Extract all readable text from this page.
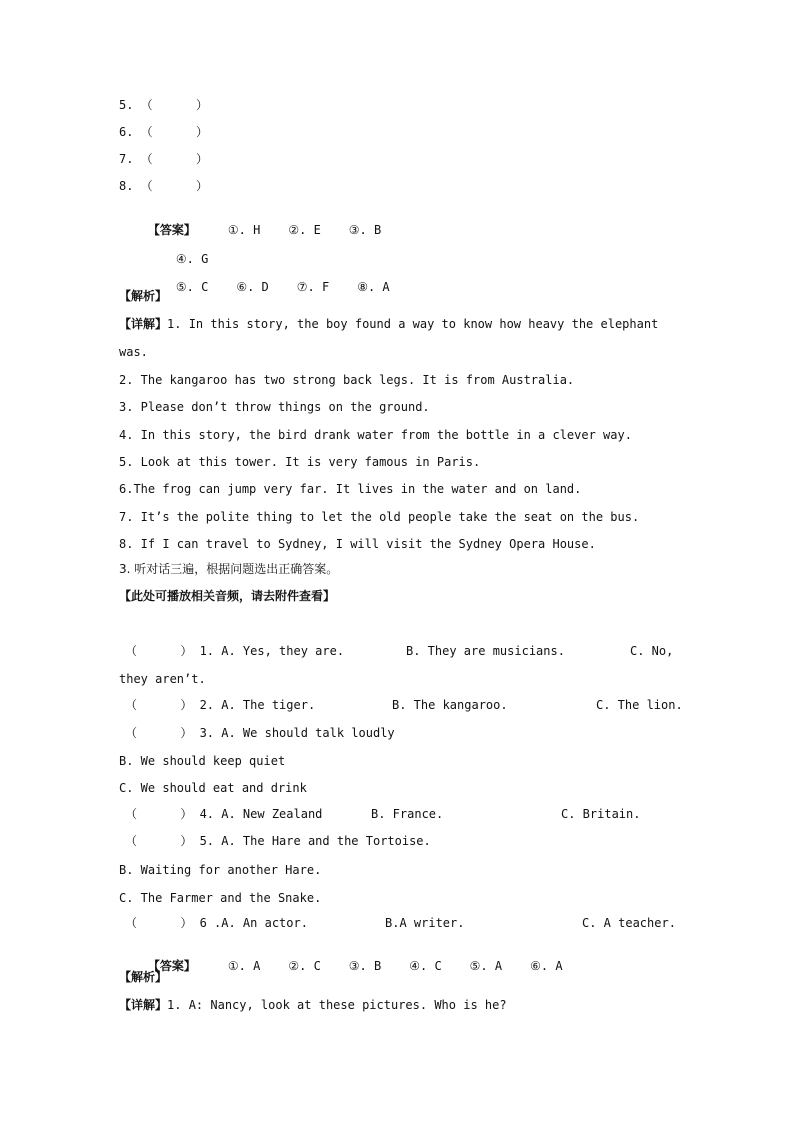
5. （      ）
6. （      ）
7. （      ）
8. （      ）

【答案】	①. H ②. E ③. B

④. G

⑤. C ⑥. D ⑦. F ⑧. A

【解析】
【详解】1. In this story, the boy found a way to know how heavy the elephant
was.
2. The kangaroo has two strong back legs. It is from Australia.
3. Please don’t throw things on the ground.
4. In this story, the bird drank water from the bottle in a clever way.
5. Look at this tower. It is very famous in Paris.
6.The frog can jump very far. It lives in the water and on land.
7. It’s the polite thing to let the old people take the seat on the bus.
8. If I can travel to Sydney, I will visit the Sydney Opera House.
3. 听对话三遍，根据问题选出正确答案。
【此处可播放相关音频，请去附件查看】
（      ） 1. A. Yes, they are.	B. They are musicians.	C. No,
they aren’t.
（      ） 2. A. The tiger.	B. The kangaroo.	C. The lion.
（      ） 3. A. We should talk loudly
B. We should keep quiet
C. We should eat and drink
（      ） 4. A. New Zealand	B. France.	C. Britain.
（      ） 5. A. The Hare and the Tortoise.
B. Waiting for another Hare.
C. The Farmer and the Snake.
（      ） 6 .A. An actor.	B.A writer.	C. A teacher.

【答案】	①. A ②. C ③. B ④. C ⑤. A ⑥. A

【解析】
【详解】1. A: Nancy, look at these pictures. Who is he?
